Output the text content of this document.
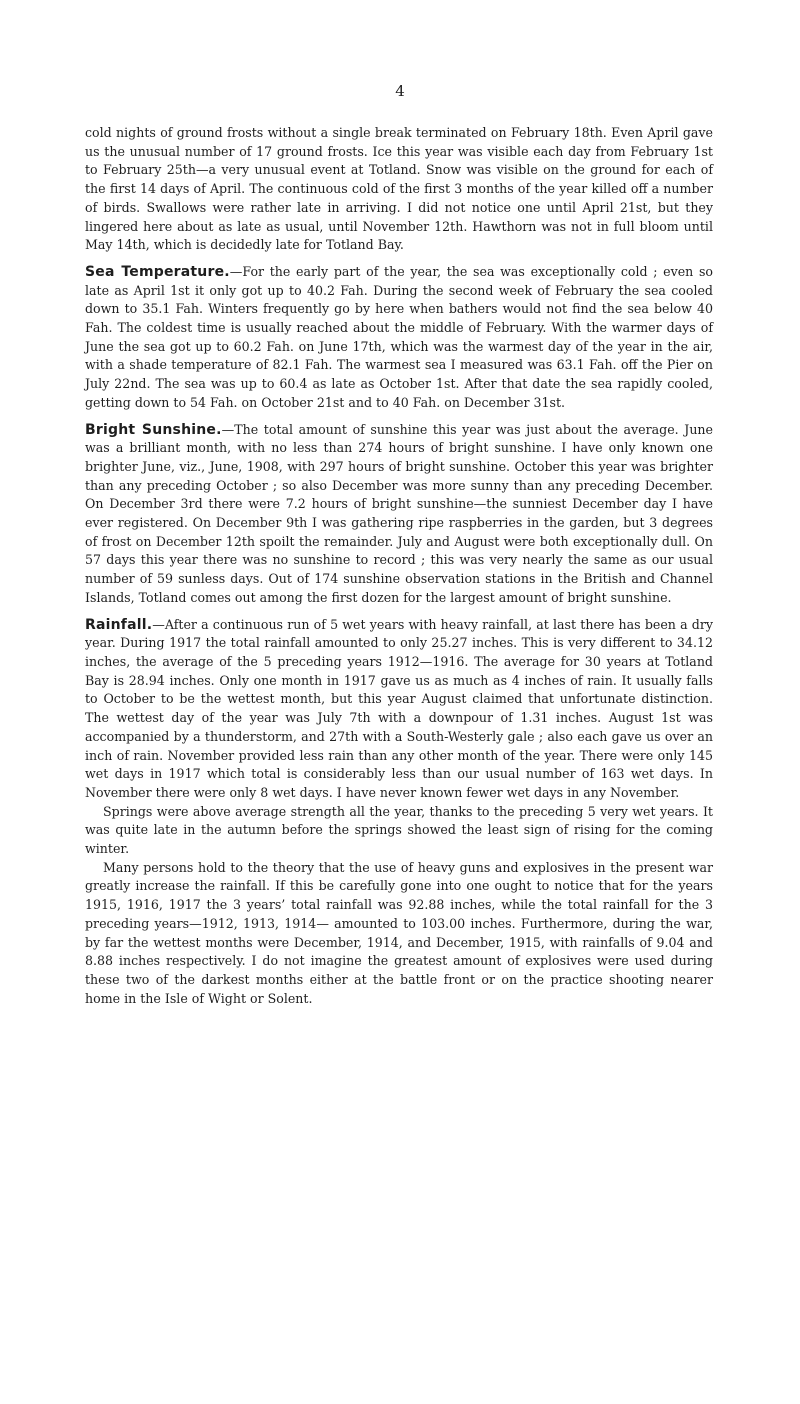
4

cold nights of ground frosts without a single break terminated on February 18th. Even April gave us the unusual number of 17 ground frosts. Ice this year was visible each day from February 1st to February 25th—a very unusual event at Totland. Snow was visible on the ground for each of the first 14 days of April. The continuous cold of the first 3 months of the year killed off a number of birds. Swallows were rather late in arriving. I did not notice one until April 21st, but they lingered here about as late as usual, until November 12th. Hawthorn was not in full bloom until May 14th, which is decidedly late for Totland Bay.

Sea Temperature.—For the early part of the year, the sea was exceptionally cold ; even so late as April 1st it only got up to 40.2 Fah. During the second week of February the sea cooled down to 35.1 Fah. Winters frequently go by here when bathers would not find the sea below 40 Fah. The coldest time is usually reached about the middle of February. With the warmer days of June the sea got up to 60.2 Fah. on June 17th, which was the warmest day of the year in the air, with a shade temperature of 82.1 Fah. The warmest sea I measured was 63.1 Fah. off the Pier on July 22nd. The sea was up to 60.4 as late as October 1st. After that date the sea rapidly cooled, getting down to 54 Fah. on October 21st and to 40 Fah. on December 31st.

Bright Sunshine.—The total amount of sunshine this year was just about the average. June was a brilliant month, with no less than 274 hours of bright sunshine. I have only known one brighter June, viz., June, 1908, with 297 hours of bright sunshine. October this year was brighter than any preceding October ; so also December was more sunny than any preceding December. On December 3rd there were 7.2 hours of bright sunshine—the sunniest December day I have ever registered. On December 9th I was gathering ripe raspberries in the garden, but 3 degrees of frost on December 12th spoilt the remainder. July and August were both exceptionally dull. On 57 days this year there was no sunshine to record ; this was very nearly the same as our usual number of 59 sunless days. Out of 174 sunshine observation stations in the British and Channel Islands, Totland comes out among the first dozen for the largest amount of bright sunshine.

Rainfall.—After a continuous run of 5 wet years with heavy rainfall, at last there has been a dry year. During 1917 the total rainfall amounted to only 25.27 inches. This is very different to 34.12 inches, the average of the 5 preceding years 1912—1916. The average for 30 years at Totland Bay is 28.94 inches. Only one month in 1917 gave us as much as 4 inches of rain. It usually falls to October to be the wettest month, but this year August claimed that unfortunate distinction. The wettest day of the year was July 7th with a downpour of 1.31 inches. August 1st was accompanied by a thunderstorm, and 27th with a South-Westerly gale ; also each gave us over an inch of rain. November provided less rain than any other month of the year. There were only 145 wet days in 1917 which total is considerably less than our usual number of 163 wet days. In November there were only 8 wet days. I have never known fewer wet days in any November.

Springs were above average strength all the year, thanks to the preceding 5 very wet years. It was quite late in the autumn before the springs showed the least sign of rising for the coming winter.

Many persons hold to the theory that the use of heavy guns and explosives in the present war greatly increase the rainfall. If this be carefully gone into one ought to notice that for the years 1915, 1916, 1917 the 3 years’ total rainfall was 92.88 inches, while the total rainfall for the 3 preceding years—1912, 1913, 1914— amounted to 103.00 inches. Furthermore, during the war, by far the wettest months were December, 1914, and December, 1915, with rainfalls of 9.04 and 8.88 inches respectively. I do not imagine the greatest amount of explosives were used during these two of the darkest months either at the battle front or on the practice shooting nearer home in the Isle of Wight or Solent.
